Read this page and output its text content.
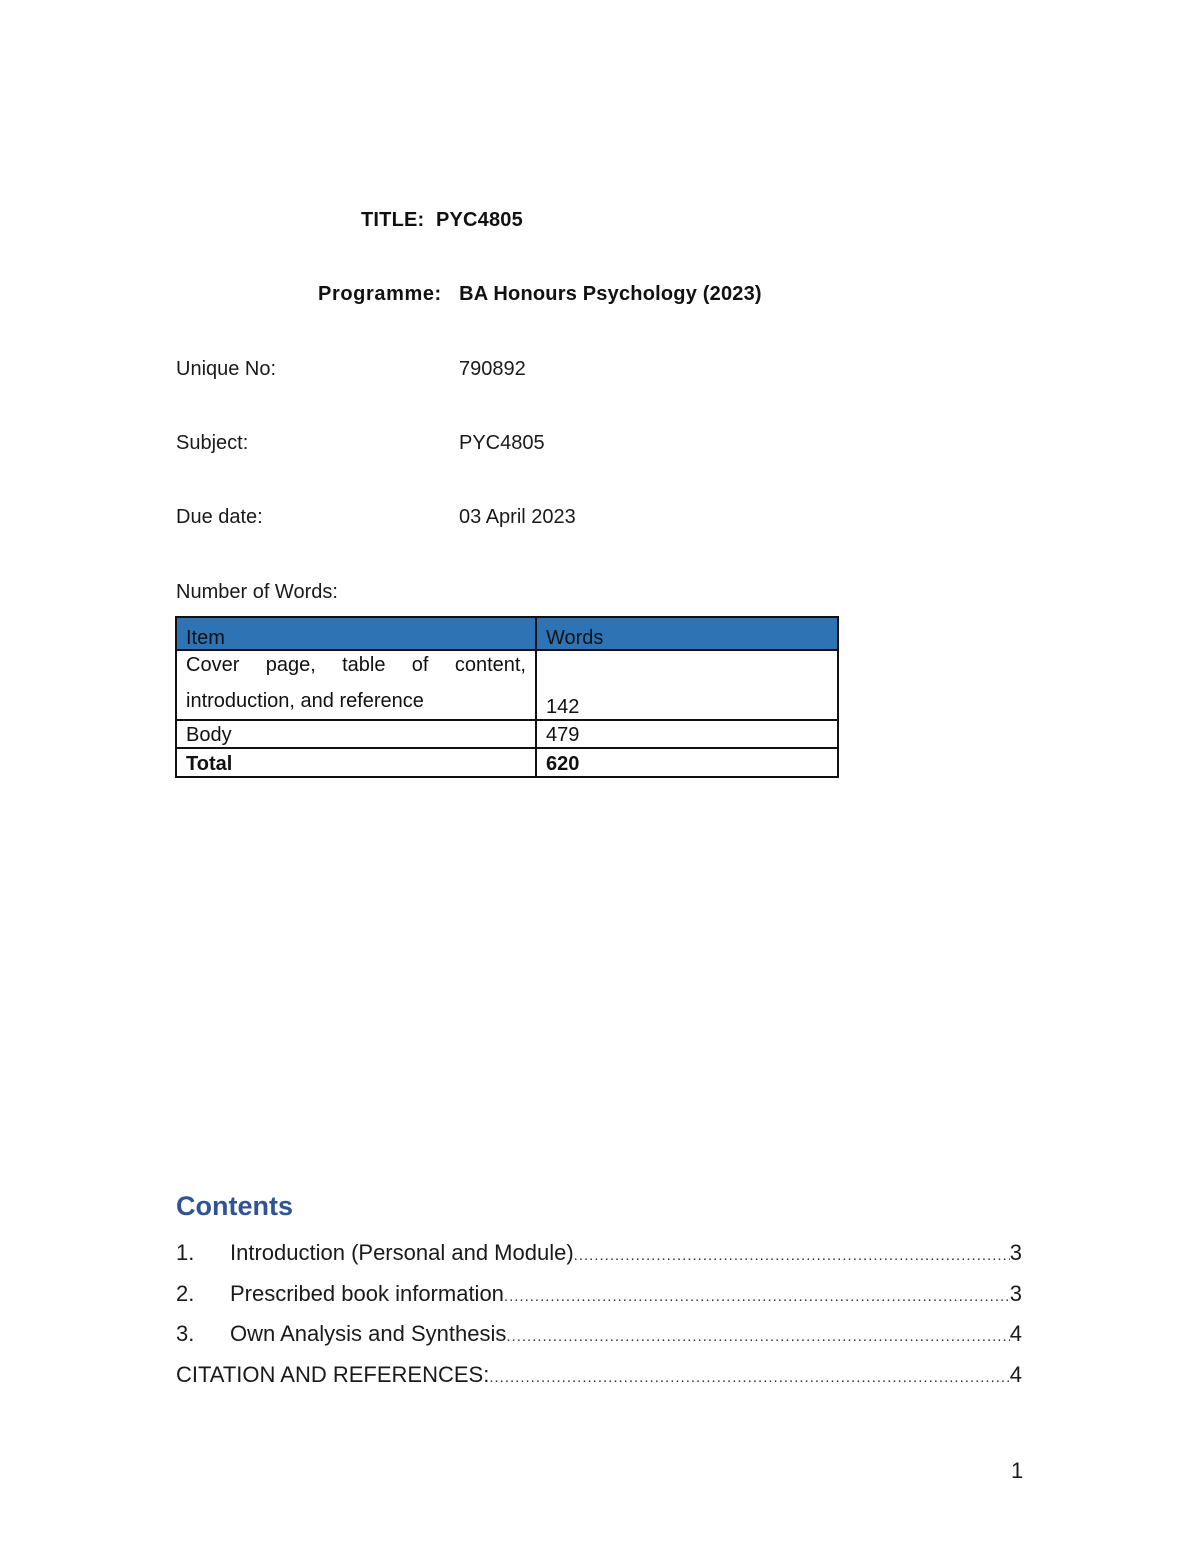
TITLE: PYC4805
Programme: BA Honours Psychology (2023)
Unique No:	790892
Subject:	PYC4805
Due date:	03 April 2023
Number of Words:
Item	Words

Cover page, table of content, introduction, and reference	142
Body	479
Total	620
Contents
1.	Introduction (Personal and Module) .....	3
2.	Prescribed book information .....	3
3.	Own Analysis and Synthesis .....	4
CITATION AND REFERENCES: .....	4
1
